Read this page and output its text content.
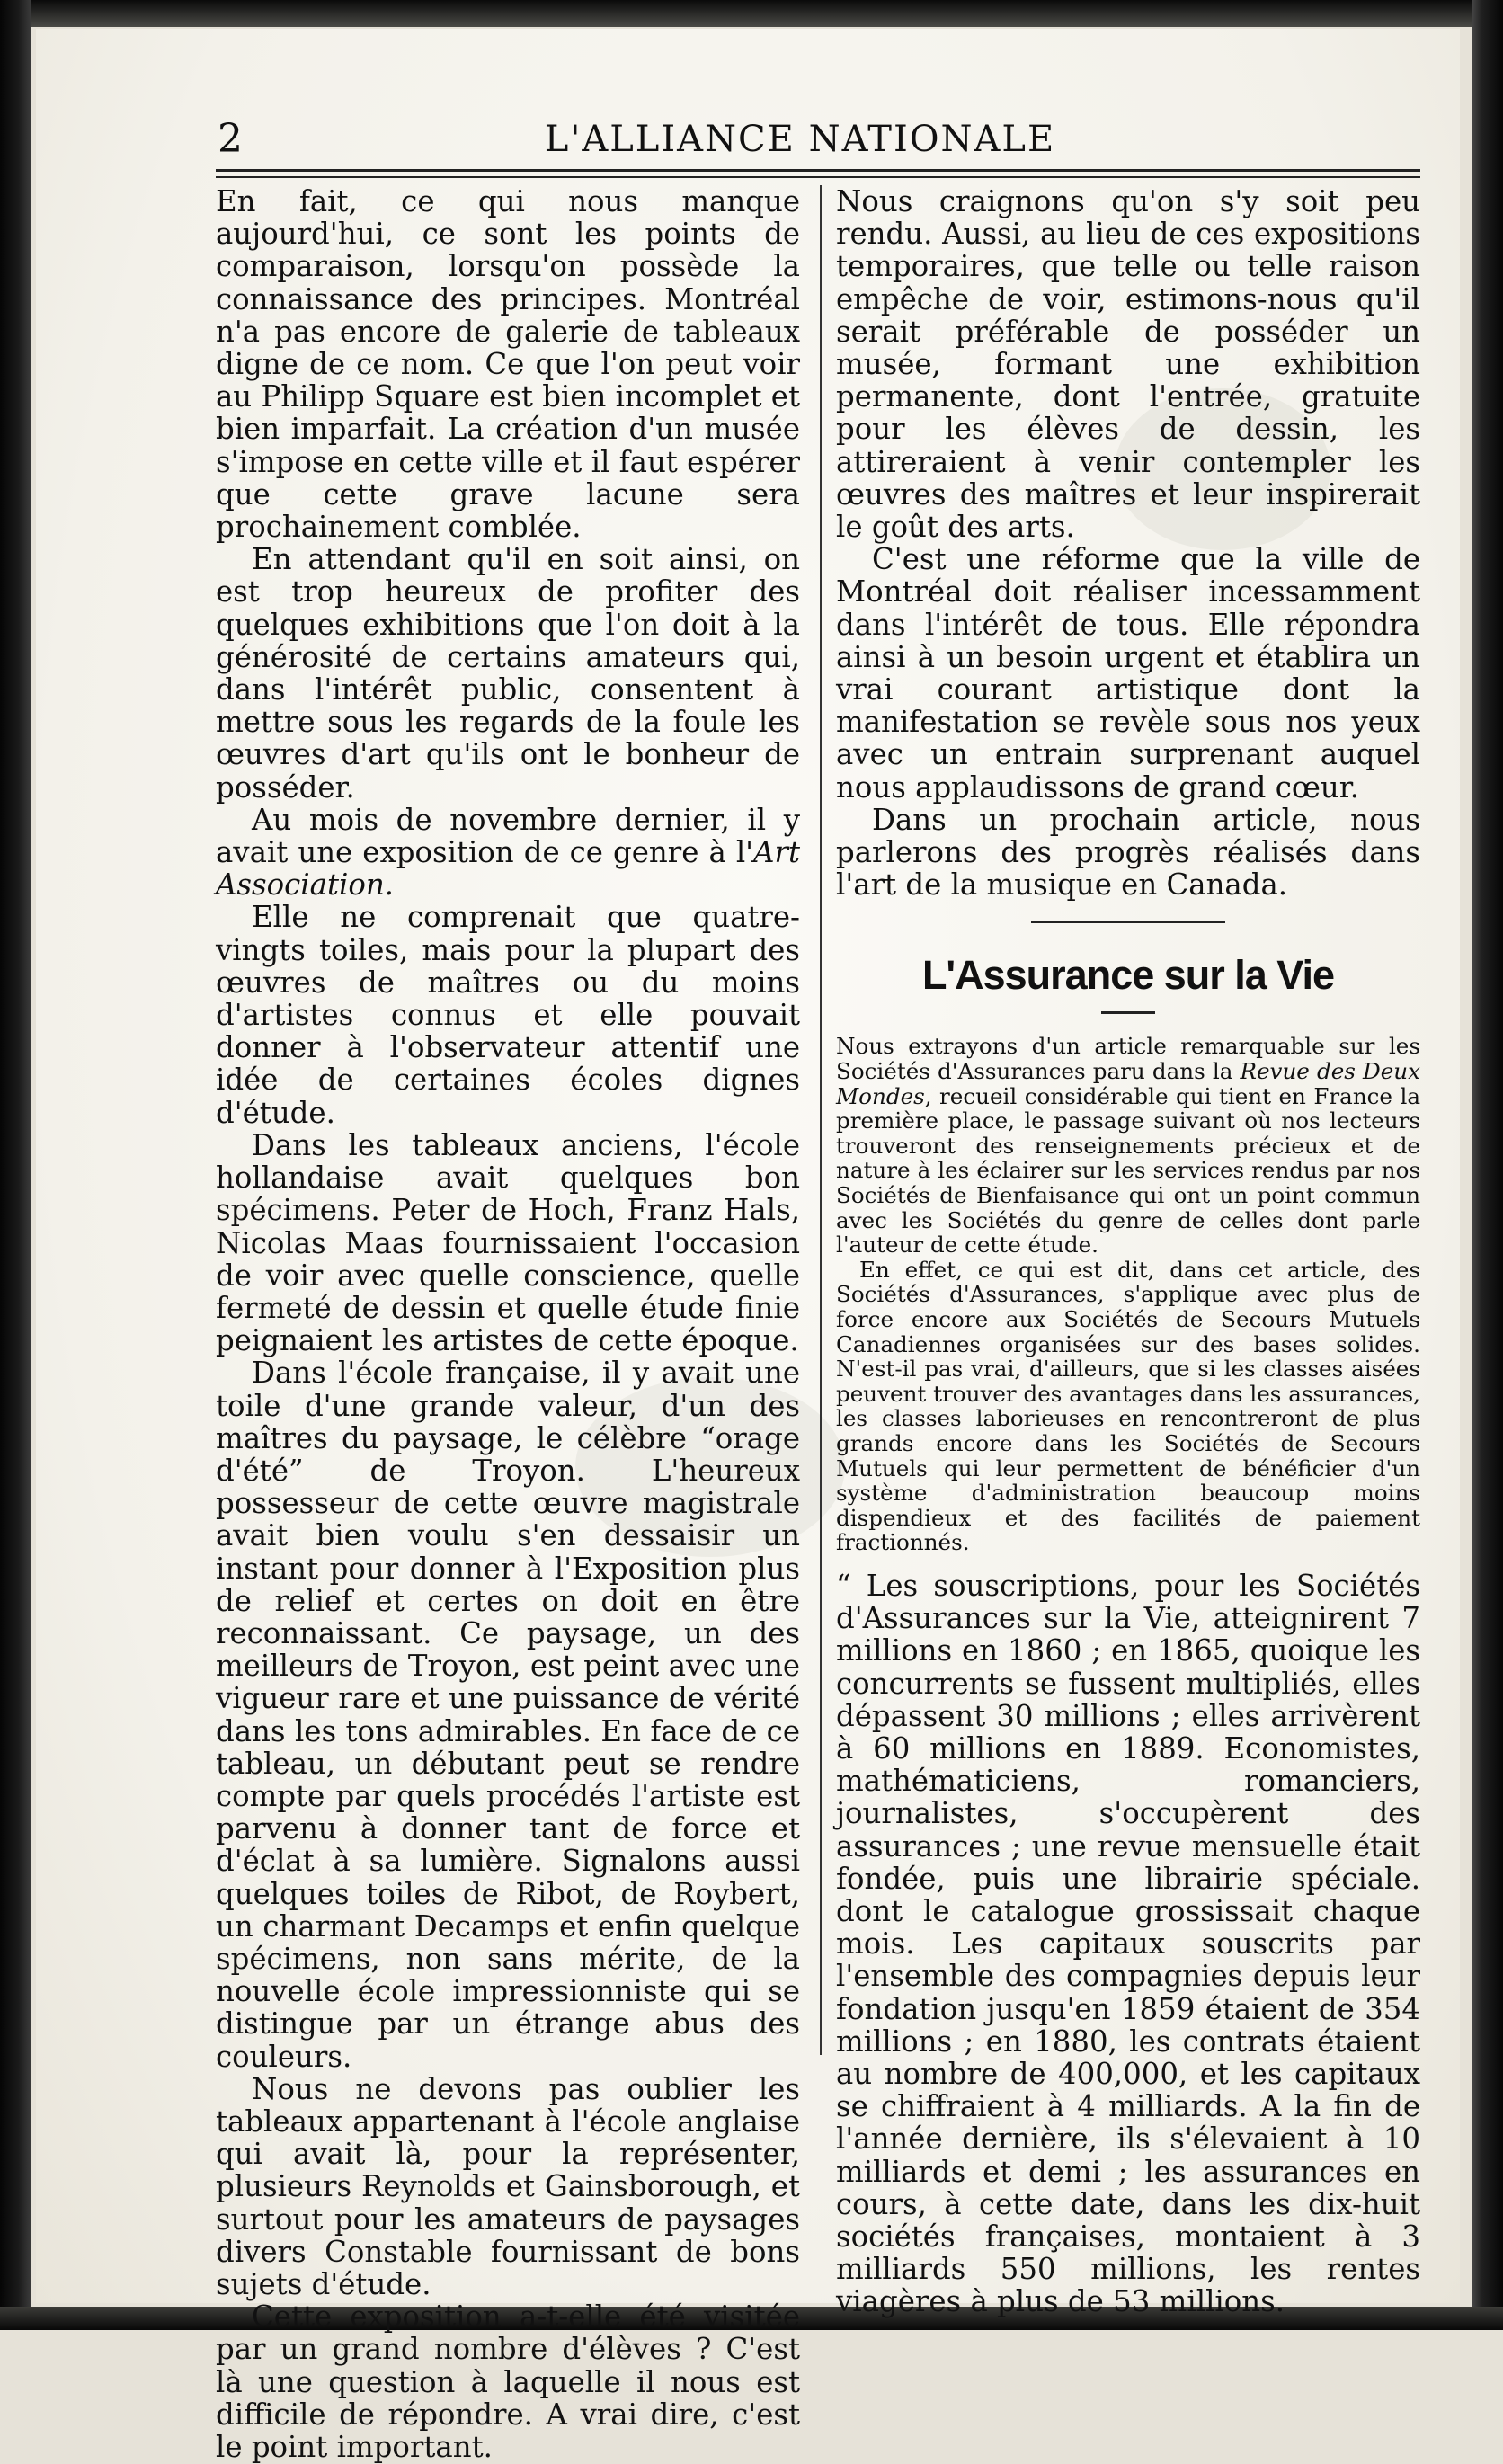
2	L'ALLIANCE NATIONALE

En fait, ce qui nous manque aujourd'hui, ce sont les points de comparaison, lorsqu'on possède la connaissance des principes. Montréal n'a pas encore de galerie de tableaux digne de ce nom. Ce que l'on peut voir au Philipp Square est bien incomplet et bien imparfait. La création d'un musée s'impose en cette ville et il faut espérer que cette grave lacune sera prochainement comblée.

En attendant qu'il en soit ainsi, on est trop heureux de profiter des quelques exhibitions que l'on doit à la générosité de certains amateurs qui, dans l'intérêt public, consentent à mettre sous les regards de la foule les œuvres d'art qu'ils ont le bonheur de posséder.

Au mois de novembre dernier, il y avait une exposition de ce genre à l'Art Association.

Elle ne comprenait que quatre-vingts toiles, mais pour la plupart des œuvres de maîtres ou du moins d'artistes connus et elle pouvait donner à l'observateur attentif une idée de certaines écoles dignes d'étude.

Dans les tableaux anciens, l'école hollandaise avait quelques bon spécimens. Peter de Hoch, Franz Hals, Nicolas Maas fournissaient l'occasion de voir avec quelle conscience, quelle fermeté de dessin et quelle étude finie peignaient les artistes de cette époque.

Dans l'école française, il y avait une toile d'une grande valeur, d'un des maîtres du paysage, le célèbre “orage d'été” de Troyon. L'heureux possesseur de cette œuvre magistrale avait bien voulu s'en dessaisir un instant pour donner à l'Exposition plus de relief et certes on doit en être reconnaissant. Ce paysage, un des meilleurs de Troyon, est peint avec une vigueur rare et une puissance de vérité dans les tons admirables. En face de ce tableau, un débutant peut se rendre compte par quels procédés l'artiste est parvenu à donner tant de force et d'éclat à sa lumière. Signalons aussi quelques toiles de Ribot, de Roybert, un charmant Decamps et enfin quelque spécimens, non sans mérite, de la nouvelle école impressionniste qui se distingue par un étrange abus des couleurs.

Nous ne devons pas oublier les tableaux appartenant à l'école anglaise qui avait là, pour la représenter, plusieurs Reynolds et Gainsborough, et surtout pour les amateurs de paysages divers Constable fournissant de bons sujets d'étude.

Cette exposition a-t-elle été visitée par un grand nombre d'élèves ? C'est là une question à laquelle il nous est difficile de répondre. A vrai dire, c'est le point important.

Nous craignons qu'on s'y soit peu rendu. Aussi, au lieu de ces expositions temporaires, que telle ou telle raison empêche de voir, estimons-nous qu'il serait préférable de posséder un musée, formant une exhibition permanente, dont l'entrée, gratuite pour les élèves de dessin, les attireraient à venir contempler les œuvres des maîtres et leur inspirerait le goût des arts.

C'est une réforme que la ville de Montréal doit réaliser incessamment dans l'intérêt de tous. Elle répondra ainsi à un besoin urgent et établira un vrai courant artistique dont la manifestation se revèle sous nos yeux avec un entrain surprenant auquel nous applaudissons de grand cœur.

Dans un prochain article, nous parlerons des progrès réalisés dans l'art de la musique en Canada.

L'Assurance sur la Vie

Nous extrayons d'un article remarquable sur les Sociétés d'Assurances paru dans la Revue des Deux Mondes, recueil considérable qui tient en France la première place, le passage suivant où nos lecteurs trouveront des renseignements précieux et de nature à les éclairer sur les services rendus par nos Sociétés de Bienfaisance qui ont un point commun avec les Sociétés du genre de celles dont parle l'auteur de cette étude.

En effet, ce qui est dit, dans cet article, des Sociétés d'Assurances, s'applique avec plus de force encore aux Sociétés de Secours Mutuels Canadiennes organisées sur des bases solides. N'est-il pas vrai, d'ailleurs, que si les classes aisées peuvent trouver des avantages dans les assurances, les classes laborieuses en rencontreront de plus grands encore dans les Sociétés de Secours Mutuels qui leur permettent de bénéficier d'un système d'administration beaucoup moins dispendieux et des facilités de paiement fractionnés.

“ Les souscriptions, pour les Sociétés d'Assurances sur la Vie, atteignirent 7 millions en 1860 ; en 1865, quoique les concurrents se fussent multipliés, elles dépassent 30 millions ; elles arrivèrent à 60 millions en 1889. Economistes, mathématiciens, romanciers, journalistes, s'occupèrent des assurances ; une revue mensuelle était fondée, puis une librairie spéciale. dont le catalogue grossissait chaque mois. Les capitaux souscrits par l'ensemble des compagnies depuis leur fondation jusqu'en 1859 étaient de 354 millions ; en 1880, les contrats étaient au nombre de 400,000, et les capitaux se chiffraient à 4 milliards. A la fin de l'année dernière, ils s'élevaient à 10 milliards et demi ; les assurances en cours, à cette date, dans les dix-huit sociétés françaises, montaient à 3 milliards 550 millions, les rentes viagères à plus de 53 millions.
